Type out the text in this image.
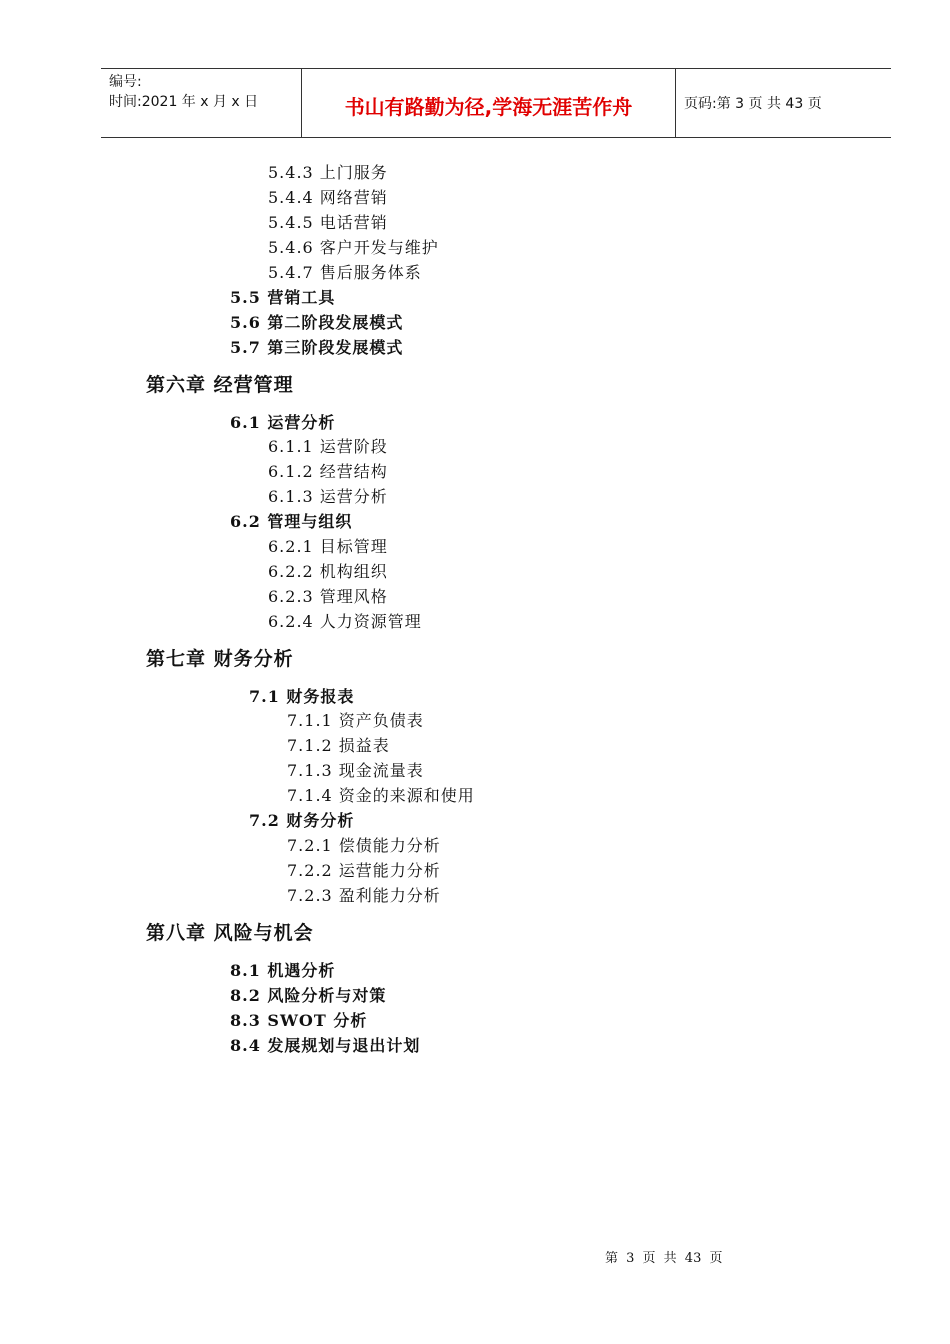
编号:
时间:2021 年 x 月 x 日	书山有路勤为径,学海无涯苦作舟	页码:第 3 页 共 43 页
5.4.3 上门服务
5.4.4 网络营销
5.4.5 电话营销
5.4.6 客户开发与维护
5.4.7 售后服务体系
5.5 营销工具
5.6 第二阶段发展模式
5.7 第三阶段发展模式
第六章 经营管理
6.1 运营分析
6.1.1 运营阶段
6.1.2 经营结构
6.1.3 运营分析
6.2 管理与组织
6.2.1 目标管理
6.2.2 机构组织
6.2.3 管理风格
6.2.4 人力资源管理
第七章 财务分析
7.1 财务报表
7.1.1 资产负债表
7.1.2 损益表
7.1.3 现金流量表
7.1.4 资金的来源和使用
7.2 财务分析
7.2.1 偿债能力分析
7.2.2 运营能力分析
7.2.3 盈利能力分析
第八章 风险与机会
8.1 机遇分析
8.2 风险分析与对策
8.3 SWOT 分析
8.4 发展规划与退出计划
第 3 页 共 43 页
